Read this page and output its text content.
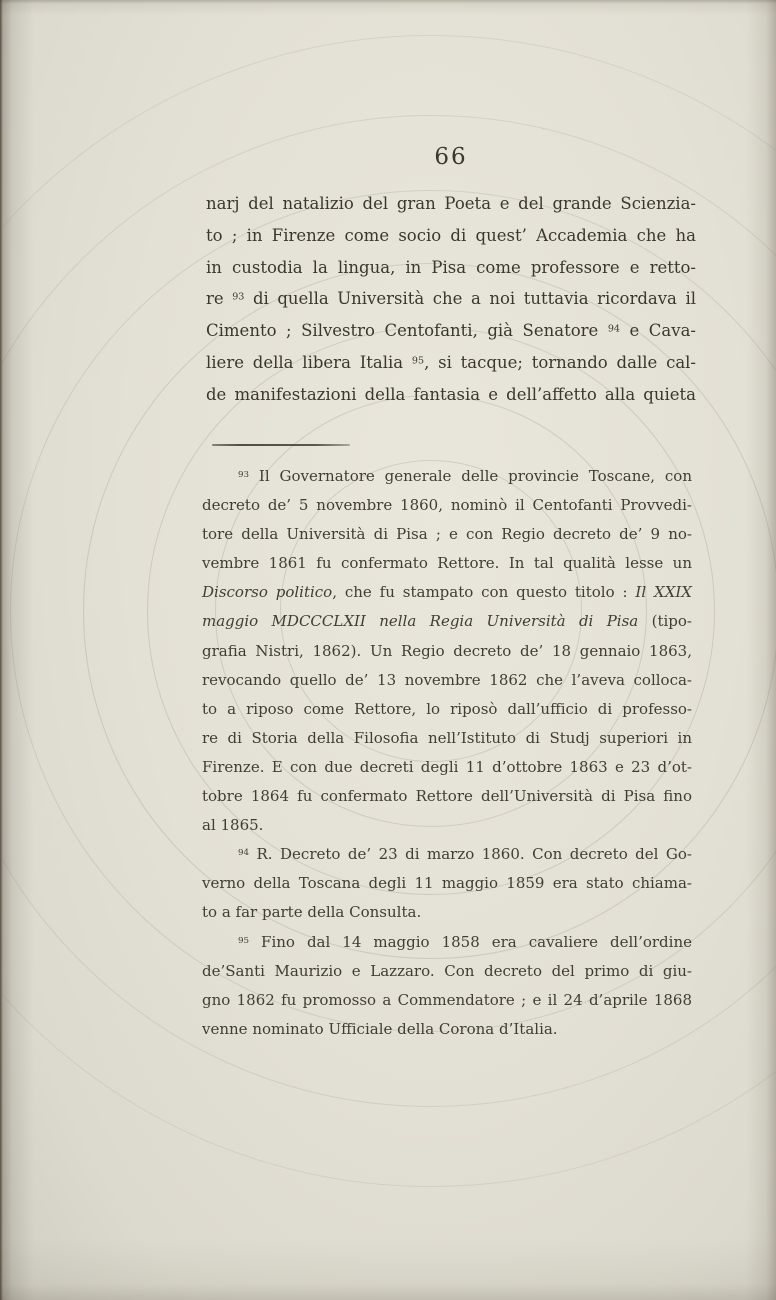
66
narj del natalizio del gran Poeta e del grande Scienzia-
to ; in Firenze come socio di quest’ Accademia che ha
in custodia la lingua, in Pisa come professore e retto-
re $^{93}$ di quella Università che a noi tuttavia ricordava il
Cimento ; Silvestro Centofanti, già Senatore $^{94}$ e Cava-
liere della libera Italia $^{95}$, si tacque; tornando dalle cal-
de manifestazioni della fantasia e dell’affetto alla quieta
$^{93}$ Il Governatore generale delle provincie Toscane, con
decreto de’ 5 novembre 1860, nominò il Centofanti Provvedi-
tore della Università di Pisa ; e con Regio decreto de’ 9 no-
vembre 1861 fu confermato Rettore. In tal qualità lesse un
Discorso politico, che fu stampato con questo titolo : Il XXIX
maggio MDCCCLXII nella Regia Università di Pisa (tipo-
grafia Nistri, 1862). Un Regio decreto de’ 18 gennaio 1863,
revocando quello de’ 13 novembre 1862 che l’aveva colloca-
to a riposo come Rettore, lo riposò dall’ufficio di professo-
re di Storia della Filosofia nell’Istituto di Studj superiori in
Firenze. E con due decreti degli 11 d’ottobre 1863 e 23 d’ot-
tobre 1864 fu confermato Rettore dell’Università di Pisa fino
al 1865.
$^{94}$ R. Decreto de’ 23 di marzo 1860. Con decreto del Go-
verno della Toscana degli 11 maggio 1859 era stato chiama-
to a far parte della Consulta.
$^{95}$ Fino dal 14 maggio 1858 era cavaliere dell’ordine
de’Santi Maurizio e Lazzaro. Con decreto del primo di giu-
gno 1862 fu promosso a Commendatore ; e il 24 d’aprile 1868
venne nominato Ufficiale della Corona d’Italia.
